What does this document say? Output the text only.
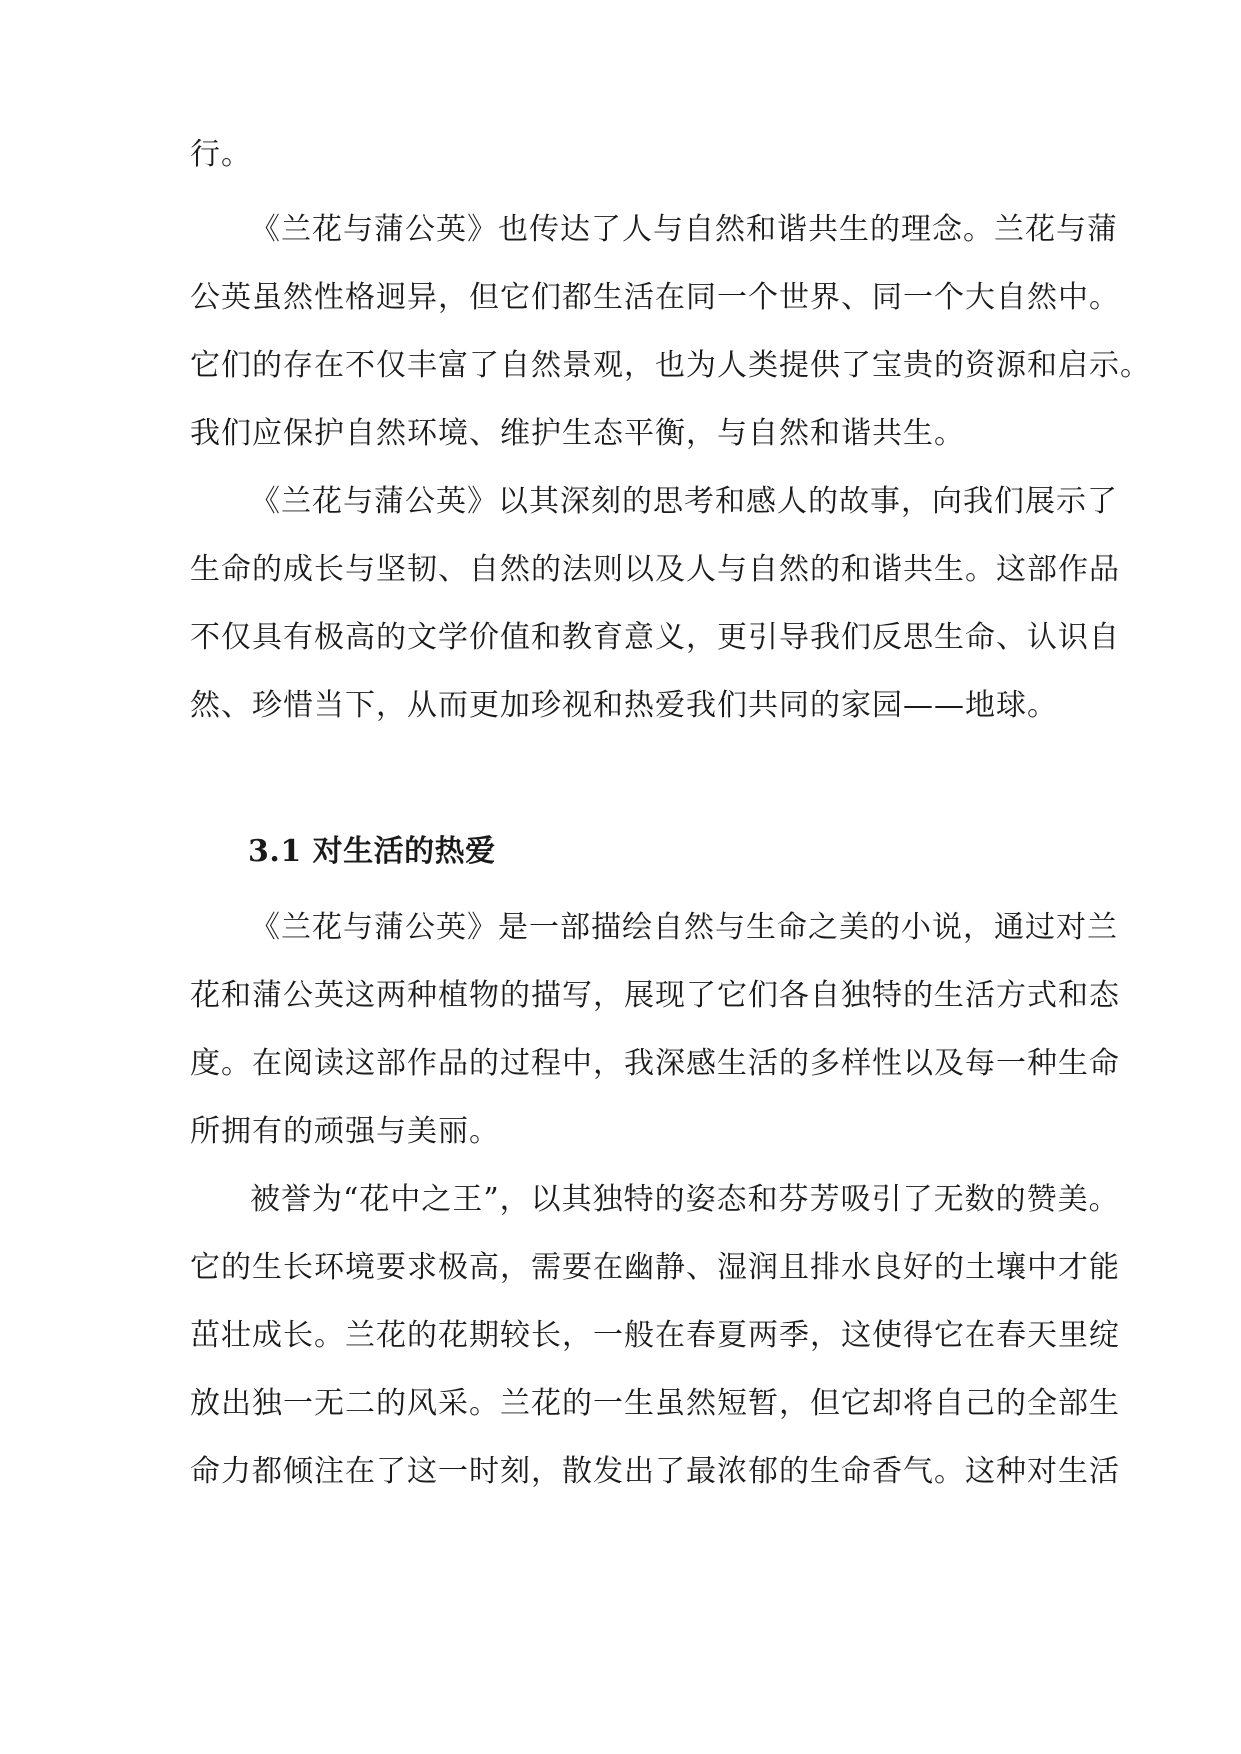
行。
《兰花与蒲公英》也传达了人与自然和谐共生的理念。兰花与蒲
公英虽然性格迥异，但它们都生活在同一个世界、同一个大自然中。
它们的存在不仅丰富了自然景观，也为人类提供了宝贵的资源和启示。
我们应保护自然环境、维护生态平衡，与自然和谐共生。
《兰花与蒲公英》以其深刻的思考和感人的故事，向我们展示了
生命的成长与坚韧、自然的法则以及人与自然的和谐共生。这部作品
不仅具有极高的文学价值和教育意义，更引导我们反思生命、认识自
然、珍惜当下，从而更加珍视和热爱我们共同的家园——地球。
3.1 对生活的热爱
《兰花与蒲公英》是一部描绘自然与生命之美的小说，通过对兰
花和蒲公英这两种植物的描写，展现了它们各自独特的生活方式和态
度。在阅读这部作品的过程中，我深感生活的多样性以及每一种生命
所拥有的顽强与美丽。
被誉为“花中之王”，以其独特的姿态和芬芳吸引了无数的赞美。
它的生长环境要求极高，需要在幽静、湿润且排水良好的土壤中才能
茁壮成长。兰花的花期较长，一般在春夏两季，这使得它在春天里绽
放出独一无二的风采。兰花的一生虽然短暂，但它却将自己的全部生
命力都倾注在了这一时刻，散发出了最浓郁的生命香气。这种对生活
